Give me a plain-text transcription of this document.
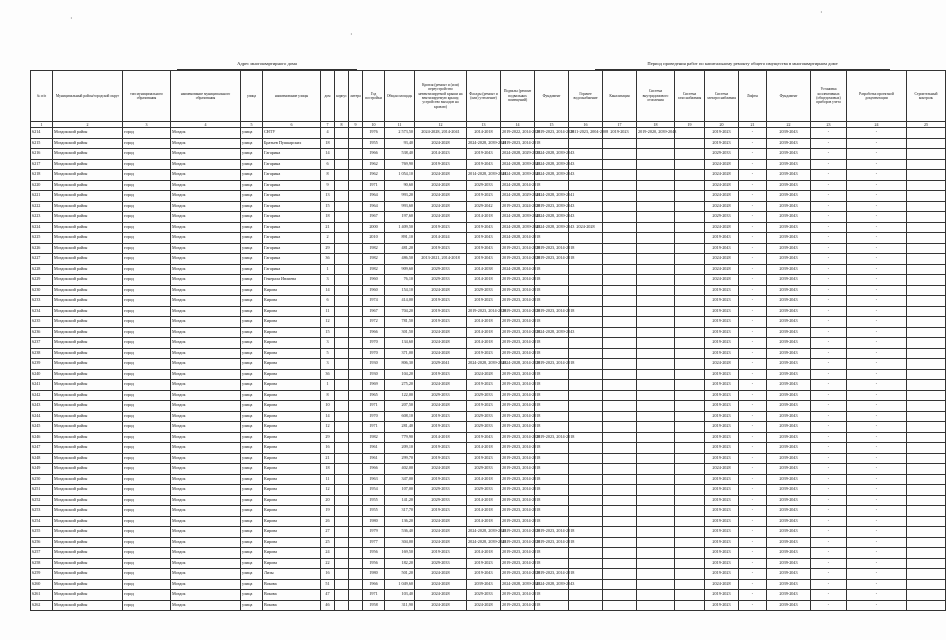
·
·
·
Адрес многоквартирного дома	Период проведения работ по капитальному ремонту общего имущества в многоквартирном доме
№ п/п	Муниципальный район/городской округ	тип муниципального образования	наименование муниципального образования	улица	наименование улицы	дом	корпус	литера	Год постройки	Общая площадь	Кровля (ремонт и (или) переустройство невентилируемой крыши на вентилируемую крышу, устройство выходов на кровлю)	Фасады (ремонт и (или) утепление)	Подвалы (ремонт подвальных помещений)	Фундамент	Горячее водоснабжение	Канализация	Система внутридомового отопления	Система газоснабжения	Система электроснабжения	Лифты	Фундамент	Установка коллективных (общедомовых) приборов учета	Разработка проектной документации	Строительный контроль
1	2	3	4	5	6	7	8	9	10	11	12	13	14	15	16	17	18	19	20	21	22	23	24	25
6214	Моздокский район	город	Моздок	улица	СНТУ	4			1976	2 573,50	2024-2028, 2014-2041	2014-2018	2019-2022, 2014-2018	2019-2023, 2014-2018	2011-2023, 2004-2008	2019-2023	2019-2020, 2039-2043		2019-2023	-	2039-2043	-	-	
6215	Моздокский район	город	Моздок	улица	Братьев Пушкарских	18			1955	93,40	2024-2028	2024-2028, 2039-2041	2019-2023, 2014-2018						2019-2023	-	2039-2043	-	-	
6216	Моздокский район	город	Моздок	улица	Гагарина	14			1966	538,40	2014-2023	2019-2043	2024-2028, 2029-2033	2024-2028, 2039-2043					2029-2033	-	2039-2043	-	-	
6217	Моздокский район	город	Моздок	улица	Гагарина	6			1962	769,90	2019-2023	2019-2043	2024-2028, 2039-2043	2024-2028, 2039-2043					2024-2028	-	2039-2043	-	-	
6218	Моздокский район	город	Моздок	улица	Гагарина	8			1962	1 054,10	2024-2028	2014-2028, 2039-2041	2024-2028, 2039-2043	2024-2028, 2039-2043					2024-2028	-	2039-2043	-	-	
6220	Моздокский район	город	Моздок	улица	Гагарина	9			1971	90,60	2024-2028	2029-2033	2024-2028, 2014-2018						2024-2028	-	2039-2043	-	-	
6221	Моздокский район	город	Моздок	улица	Гагарина	13			1964	993,20	2024-2028	2019-2023	2024-2028, 2029-2041	2024-2028, 2039-2041					2024-2028	-	2039-2043	-	-	
6222	Моздокский район	город	Моздок	улица	Гагарина	15			1964	993,60	2024-2028	2029-2042	2019-2023, 2024-2028	2019-2023, 2039-2043					2024-2028	-	2039-2043	-	-	
6223	Моздокский район	город	Моздок	улица	Гагарина	18			1967	197,60	2024-2028	2014-2018	2024-2028, 2039-2043	2024-2028, 2039-2043					2029-2033	-	2039-2043	-	-	
6224	Моздокский район	город	Моздок	улица	Гагарина	21			2000	1 409,50	2019-2023	2019-2043	2024-2028, 2039-2043	2024-2028, 2039-2043	2024-2028				2024-2028	-	2039-2043	-	-	
6225	Моздокский район	город	Моздок	улица	Гагарина	2			2010	891,10	2014-2024	2019-2043	2024-2028, 2014-2018						2019-2043	-	2039-2043	-	-	
6226	Моздокский район	город	Моздок	улица	Гагарина	29			1982	481,20	2019-2023	2019-2043	2019-2021, 2014-2018	2019-2023, 2014-2018					2019-2043	-	2039-2043	-	-	
6227	Моздокский район	город	Моздок	улица	Гагарина	36			1982	486,50	2013-2021, 2014-2018	2019-2043	2019-2023, 2014-2018	2019-2023, 2014-2018					2024-2028	-	2039-2043	-	-	
6228	Моздокский район	город	Моздок	улица	Гагарина	1			1982	909,60	2029-2033	2014-2038	2024-2028, 2014-2018						2024-2028	-	2039-2043	-	-	
6229	Моздокский район	город	Моздок	улица	Генерала Ивлиева	3			1960	76,10	2029-2033	2014-2018	2019-2023, 2014-2018						2024-2028	-	2039-2043	-	-	
6230	Моздокский район	город	Моздок	улица	Кирова	14			1960	154,10	2024-2028	2029-2033	2019-2023, 2014-2018						2019-2023	-	2039-2043	-	-	
6233	Моздокский район	город	Моздок	улица	Кирова	6			1974	414,00	2019-2023	2019-2023	2019-2023, 2014-2018						2019-2023	-	2039-2043	-	-	
6234	Моздокский район	город	Моздок	улица	Кирова	11			1967	704,20	2019-2023	2019-2023, 2014-2018	2019-2023, 2014-2018	2019-2023, 2014-2018					2019-2023	-	2039-2043	-	-	
6235	Моздокский район	город	Моздок	улица	Кирова	12			1972	781,50	2019-2023	2014-2018	2019-2023, 2014-2018						2019-2023	-	2039-2043	-	-	
6236	Моздокский район	город	Моздок	улица	Кирова	15			1966	301,50	2024-2028	2014-2018	2019-2023, 2014-2018	2024-2028, 2039-2043					2019-2023	-	2039-2043	-	-	
6237	Моздокский район	город	Моздок	улица	Кирова	3			1970	134,60	2024-2028	2014-2018	2019-2023, 2014-2018						2019-2023	-	2039-2043	-	-	
6238	Моздокский район	город	Моздок	улица	Кирова	5			1970	371,00	2024-2028	2019-2023	2019-2023, 2014-2018						2019-2023	-	2039-2043	-	-	
6239	Моздокский район	город	Моздок	улица	Кирова	3			1930	806,30	2029-2041	2024-2028, 2039-2043	2024-2028, 2014-2018	2019-2023, 2014-2018					2024-2028	-	2039-2043	-	-	
6240	Моздокский район	город	Моздок	улица	Кирова	36			1930	104,20	2019-2023	2024-2028	2019-2023, 2014-2018						2019-2023	-	2039-2043	-	-	
6241	Моздокский район	город	Моздок	улица	Кирова	1			1969	275,20	2024-2028	2019-2023	2019-2023, 2014-2018						2019-2023	-	2039-2043	-	-	
6242	Моздокский район	город	Моздок	улица	Кирова	8			1965	122,00	2029-2033	2029-2033	2019-2023, 2014-2018						2019-2023	-	2039-2043	-	-	
6243	Моздокский район	город	Моздок	улица	Кирова	10			1971	207,50	2024-2028	2019-2023	2019-2023, 2014-2018						2019-2023	-	2039-2043	-	-	
6244	Моздокский район	город	Моздок	улица	Кирова	14			1970	608,10	2019-2023	2029-2033	2019-2023, 2014-2018						2019-2023	-	2039-2043	-	-	
6245	Моздокский район	город	Моздок	улица	Кирова	12			1971	281,40	2019-2023	2029-2033	2019-2023, 2014-2018						2019-2023	-	2039-2043	-	-	
6246	Моздокский район	город	Моздок	улица	Кирова	29			1982	779,90	2014-2018	2019-2043	2019-2023, 2014-2018	2019-2023, 2014-2018					2019-2023	-	2039-2043	-	-	
6247	Моздокский район	город	Моздок	улица	Кирова	16			1961	209,10	2019-2023	2014-2018	2019-2023, 2014-2018						2019-2023	-	2039-2043	-	-	
6248	Моздокский район	город	Моздок	улица	Кирова	21			1961	299,70	2019-2023	2019-2023	2019-2023, 2014-2018						2019-2023	-	2039-2043	-	-	
6249	Моздокский район	город	Моздок	улица	Кирова	18			1966	402,00	2024-2028	2029-2033	2019-2023, 2014-2018						2024-2028	-	2039-2043	-	-	
6250	Моздокский район	город	Моздок	улица	Кирова	11			1963	347,00	2019-2023	2014-2018	2019-2023, 2014-2018						2019-2023	-	2039-2043	-	-	
6251	Моздокский район	город	Моздок	улица	Кирова	12			1954	107,00	2029-2033	2029-2033	2019-2023, 2014-2018						2019-2023	-	2039-2043	-	-	
6252	Моздокский район	город	Моздок	улица	Кирова	20			1955	141,20	2029-2033	2014-2018	2019-2023, 2014-2018						2019-2023	-	2039-2043	-	-	
6253	Моздокский район	город	Моздок	улица	Кирова	19			1955	317,70	2019-2023	2014-2018	2019-2023, 2014-2018						2019-2023	-	2039-2043	-	-	
6254	Моздокский район	город	Моздок	улица	Кирова	26			1980	136,20	2024-2028	2014-2018	2019-2023, 2014-2018						2019-2023	-	2039-2043	-	-	
6255	Моздокский район	город	Моздок	улица	Кирова	27			1979	536,40	2024-2028	2024-2028, 2039-2043	2019-2023, 2014-2018	2019-2023, 2014-2018					2019-2023	-	2039-2043	-	-	
6256	Моздокский район	город	Моздок	улица	Кирова	25			1977	304,00	2024-2028	2024-2028, 2039-2043	2019-2023, 2014-2018	2019-2023, 2014-2018					2019-2023	-	2039-2043	-	-	
6257	Моздокский район	город	Моздок	улица	Кирова	24			1956	169,50	2019-2023	2014-2018	2019-2023, 2014-2018						2019-2023	-	2039-2043	-	-	
6258	Моздокский район	город	Моздок	улица	Кирова	22			1956	182,20	2029-2033	2019-2023	2019-2023, 2014-2018						2019-2023	-	2039-2043	-	-	
6259	Моздокский район	город	Моздок	улица	Лизы	16			1980	501,20	2024-2028	2019-2043	2019-2023, 2014-2018	2019-2023, 2014-2018					2019-2023	-	2039-2043	-	-	
6260	Моздокский район	город	Моздок	улица	Вокова	51			1966	1 049,60	2024-2028	2039-2043	2024-2028, 2039-2043	2024-2028, 2039-2043					2024-2028	-	2039-2043	-	-	
6261	Моздокский район	город	Моздок	улица	Вокова	47			1971	103,40	2024-2028	2029-2033	2019-2023, 2014-2018						2019-2023	-	2039-2043	-	-	
6262	Моздокский район	город	Моздок	улица	Вокова	46			1958	311,90	2024-2028	2024-2028	2019-2023, 2014-2018						2019-2023	-	2039-2043	-	-	
